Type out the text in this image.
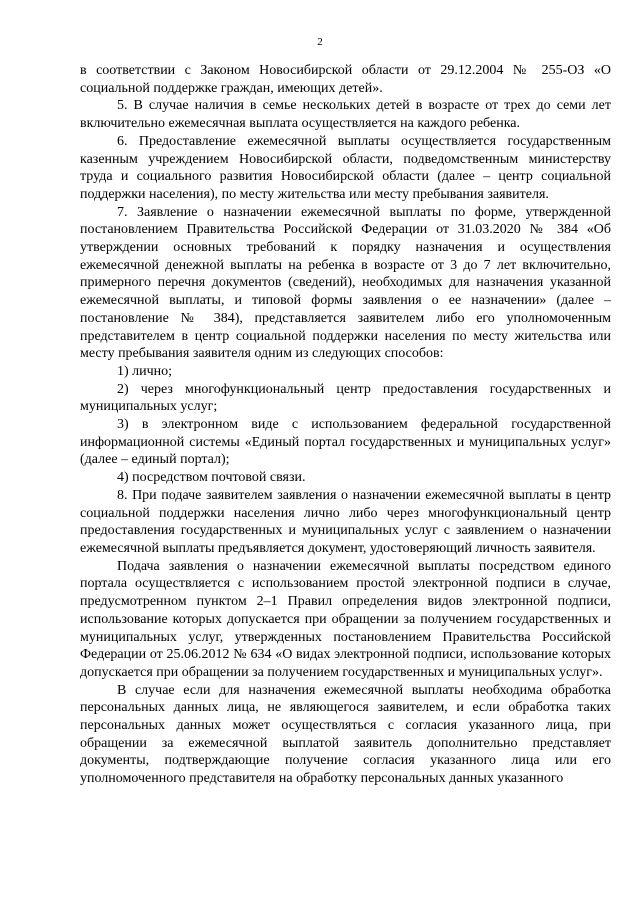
2

в соответствии с Законом Новосибирской области от 29.12.2004 № 255-ОЗ «О социальной поддержке граждан, имеющих детей».

5. В случае наличия в семье нескольких детей в возрасте от трех до семи лет включительно ежемесячная выплата осуществляется на каждого ребенка.

6. Предоставление ежемесячной выплаты осуществляется государственным казенным учреждением Новосибирской области, подведомственным министерству труда и социального развития Новосибирской области (далее – центр социальной поддержки населения), по месту жительства или месту пребывания заявителя.

7. Заявление о назначении ежемесячной выплаты по форме, утвержденной постановлением Правительства Российской Федерации от 31.03.2020 № 384 «Об утверждении основных требований к порядку назначения и осуществления ежемесячной денежной выплаты на ребенка в возрасте от 3 до 7 лет включительно, примерного перечня документов (сведений), необходимых для назначения указанной ежемесячной выплаты, и типовой формы заявления о ее назначении» (далее – постановление № 384), представляется заявителем либо его уполномоченным представителем в центр социальной поддержки населения по месту жительства или месту пребывания заявителя одним из следующих способов:

1) лично;

2) через многофункциональный центр предоставления государственных и муниципальных услуг;

3) в электронном виде с использованием федеральной государственной информационной системы «Единый портал государственных и муниципальных услуг» (далее – единый портал);

4) посредством почтовой связи.

8. При подаче заявителем заявления о назначении ежемесячной выплаты в центр социальной поддержки населения лично либо через многофункциональный центр предоставления государственных и муниципальных услуг с заявлением о назначении ежемесячной выплаты предъявляется документ, удостоверяющий личность заявителя.

Подача заявления о назначении ежемесячной выплаты посредством единого портала осуществляется с использованием простой электронной подписи в случае, предусмотренном пунктом 2–1 Правил определения видов электронной подписи, использование которых допускается при обращении за получением государственных и муниципальных услуг, утвержденных постановлением Правительства Российской Федерации от 25.06.2012 № 634 «О видах электронной подписи, использование которых допускается при обращении за получением государственных и муниципальных услуг».

В случае если для назначения ежемесячной выплаты необходима обработка персональных данных лица, не являющегося заявителем, и если обработка таких персональных данных может осуществляться с согласия указанного лица, при обращении за ежемесячной выплатой заявитель дополнительно представляет документы, подтверждающие получение согласия указанного лица или его уполномоченного представителя на обработку персональных данных указанного
